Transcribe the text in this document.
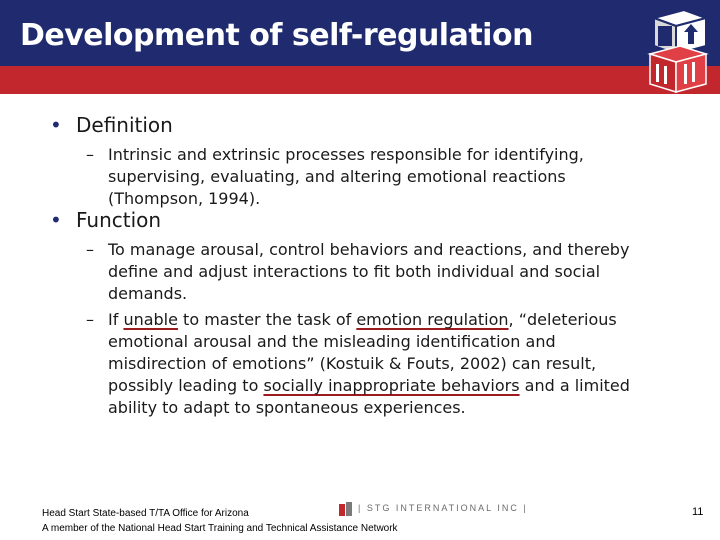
Development of self-regulation
• Definition
– Intrinsic and extrinsic processes responsible for identifying, supervising, evaluating, and altering emotional reactions (Thompson, 1994).
• Function
– To manage arousal, control behaviors and reactions, and thereby define and adjust interactions to fit both individual and social demands.
– If unable to master the task of emotion regulation, “deleterious emotional arousal and the misleading identification and misdirection of emotions” (Kostuik & Fouts, 2002) can result, possibly leading to socially inappropriate behaviors and a limited ability to adapt to spontaneous experiences.
Head Start State-based T/TA Office for Arizona
A member of the National Head Start Training and Technical Assistance Network
| STG INTERNATIONAL INC |	11
